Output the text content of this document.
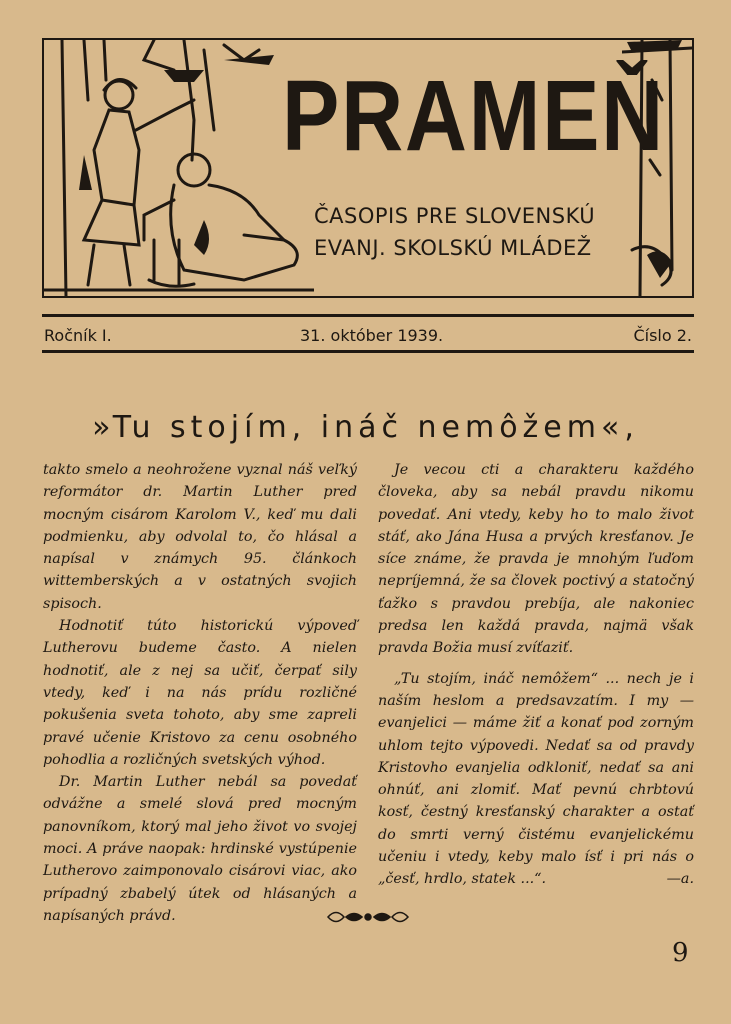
PRAMEŇ
ČASOPIS PRE SLOVENSKÚ
EVANJ. SKOLSKÚ MLÁDEŽ
Ročník I.	31. október 1939.	Číslo 2.
»Tu stojím, ináč nemôžem«,

takto smelo a neohrožene vyznal náš veľký reformátor dr. Martin Luther pred mocným cisárom Karolom V., keď mu dali podmienku, aby odvolal to, čo hlásal a napísal v známych 95. článkoch wittemberských a v ostatných svojich spisoch.

Hodnotiť túto historickú výpoveď Lutherovu budeme často. A nielen hodnotiť, ale z nej sa učiť, čerpať sily vtedy, keď i na nás prídu rozličné pokušenia sveta tohoto, aby sme zapreli pravé učenie Kristovo za cenu osobného pohodlia a rozličných svetských výhod.

Dr. Martin Luther nebál sa povedať odvážne a smelé slová pred mocným panovníkom, ktorý mal jeho život vo svojej moci. A práve naopak: hrdinské vystúpenie Lutherovo zaimponovalo cisárovi viac, ako prípadný zbabelý útek od hlásaných a napísaných právd.

Je vecou cti a charakteru každého človeka, aby sa nebál pravdu nikomu povedať. Ani vtedy, keby ho to malo život stáť, ako Jána Husa a prvých kresťanov. Je síce známe, že pravda je mnohým ľuďom nepríjemná, že sa človek poctivý a statočný ťažko s pravdou prebíja, ale nakoniec predsa len každá pravda, najmä však pravda Božia musí zvíťaziť.

„Tu stojím, ináč nemôžem“ ... nech je i naším heslom a predsavzatím. I my — evanjelici — máme žiť a konať pod zorným uhlom tejto výpovedi. Nedať sa od pravdy Kristovho evanjelia odkloniť, nedať sa ani ohnúť, ani zlomiť. Mať pevnú chrbtovú kosť, čestný kresťanský charakter a ostať do smrti verný čistému evanjelickému učeniu i vtedy, keby malo ísť i pri nás o „česť, hrdlo, statek ...“.	—a.
9
